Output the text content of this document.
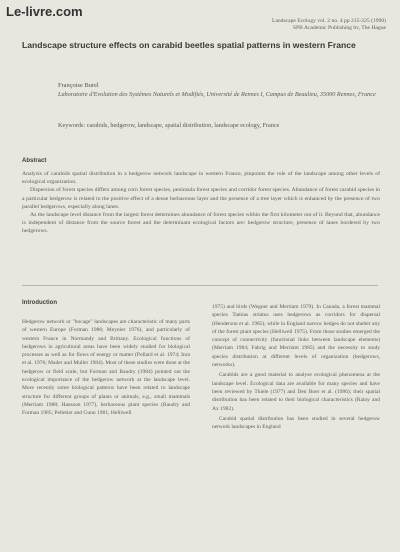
Le-livre.com
Landscape Ecology vol. 2 no. 4 pp 215-225 (1990)
SPB Academic Publishing bv, The Hague
Landscape structure effects on carabid beetles spatial patterns in western France
Françoise Burel
Laboratoire d'Evolution des Systèmes Naturels et Modifiés, Université de Rennes I, Campus de Beaulieu, 35000 Rennes, France
Keywords: carabids, hedgerow, landscape, spatial distribution, landscape ecology, France
Abstract

Analysis of carabids spatial distribution in a hedgerow network landscape in western France, pinpoints the role of the landscape among other levels of ecological organization.

Dispersion of forest species differs among corn forest species, peninsula forest species and corridor forest species. Abundance of forest carabid species in a particular hedgerow is related to the positive effect of a dense herbaceous layer and the presence of a tree layer which is enhanced by the presence of two parallel hedgerows, especially along lanes.

As the landscape level distance from the largest forest determines abundance of forest species within the first kilometer out of it. Beyond that, abundance is independent of distance from the source forest and the determinant ecological factors are: hedgerow structure, presence of lanes bordered by two hedgerows.

Introduction

Hedgerow network or "bocage" landscapes are characteristic of many parts of western Europe (Forman 1986; Meynier 1976), and particularly of western France in Normandy and Brittany. Ecological functions of hedgerows in agricultural areas have been widely studied for biological processes as well as for flows of energy or matter (Pollard et al. 1974; Inra et al. 1976; Mader and Muller 1984). Most of these studies were done at the hedgerow or field scale, but Forman and Baudry (1984) pointed out the ecological importance of the hedgerow network at the landscape level. More recently some biological patterns have been related to landscape structure for different groups of plants or animals, e.g., small mammals (Merriam 1988; Hansson 1977), herbaceous plant species (Baudry and Forman 1985; Pelletier and Gunn 1981; Helliwell

1975) and birds (Wegner and Merriam 1979). In Canada, a forest mammal species Tamias striatus uses hedgerows as corridors for dispersal (Henderson et al. 1985), while in England narrow hedges do not shelter any of the forest plant species (Helliwell 1975). From those studies emerged the concept of connectivity (functional links between landscape elements) (Merriam 1984; Fahrig and Merriam 1985) and the necessity to study species distribution at different levels of organization (hedgerows, networks).

Carabids are a good material to analyse ecological phenomena at the landscape level. Ecological data are available for many species and have been reviewed by Thiele (1977) and Den Boer et al. (1986); their spatial distribution has been related to their biological characteristics (Rainy and Ax 1982).

Carabid spatial distribution has been studied in several hedgerow network landscapes in England
